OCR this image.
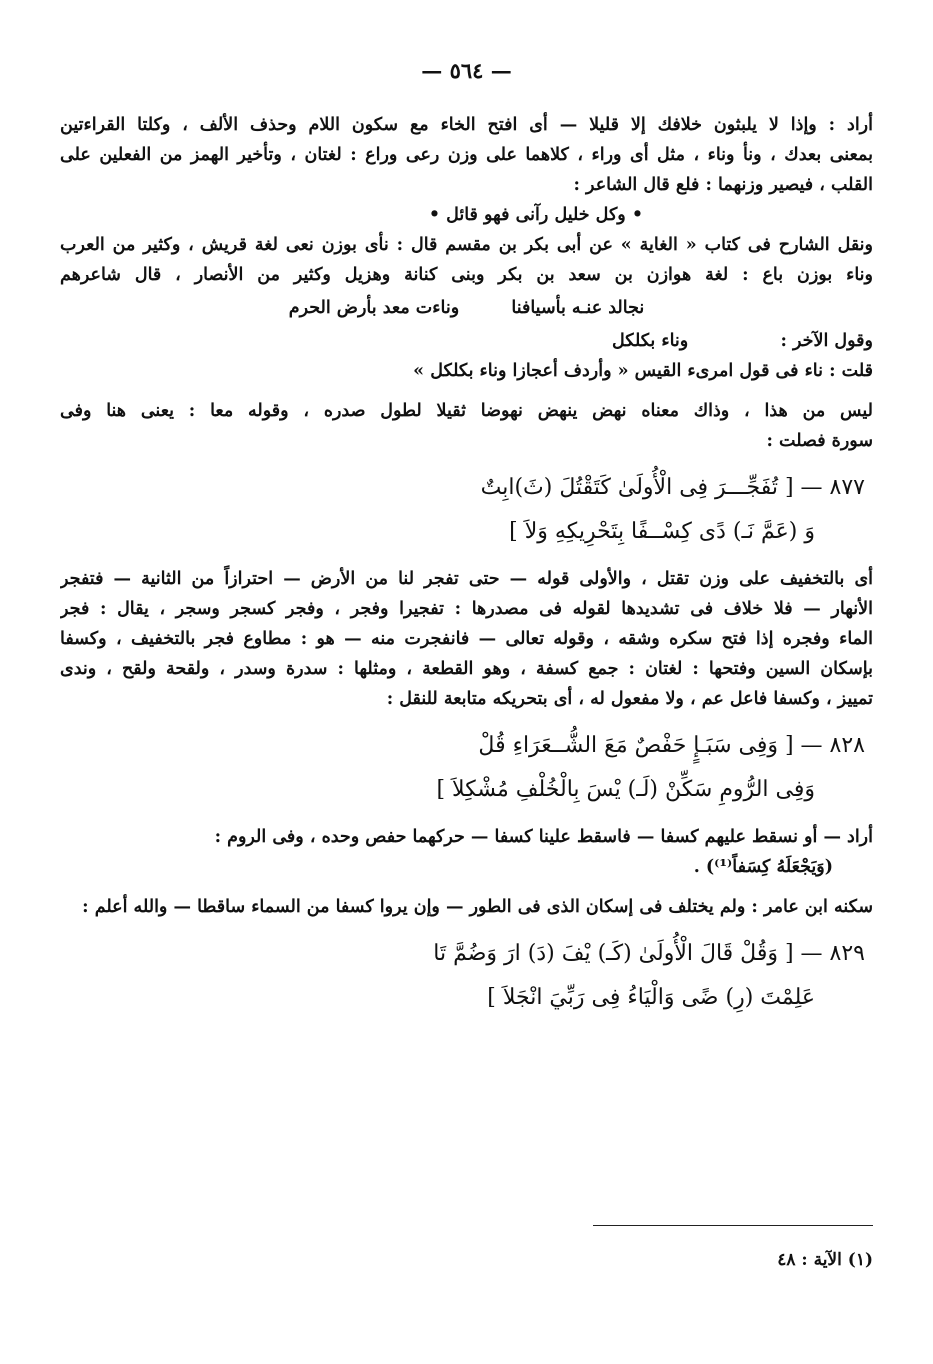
— ٥٦٤ —
أراد : وإذا لا يلبثون خلافك إلا قليلا — أى افتح الخاء مع سكون اللام وحذف الألف ، وكلتا القراءتين
بمعنى بعدك ، ونأ وناء ، مثل أى وراء ، كلاهما على وزن رعى وراع : لغتان ، وتأخير الهمز من الفعلين على
القلب ، فيصير وزنهما : فلع قال الشاعر :
• وكل خليل رآنى فهو قائل •
ونقل الشارح فى كتاب « الغاية » عن أبى بكر بن مقسم قال : نأى بوزن نعى لغة قريش ، وكثير من العرب
وناء بوزن باع : لغة هوازن بن سعد بن بكر وبنى كنانة وهزيل وكثير من الأنصار ، قال شاعرهم
نجالد عنـه بأسيافنا  وناءت معد بأرض الحرم
وقول الآخر :  وناء بكلكل
قلت : ناء فى قول امرىء القيس « وأردف أعجازا وناء بكلكل »
ليس من هذا ، وذاك معناه نهض ينهض نهوضا ثقيلا لطول صدره ، وقوله معا : يعنى هنا وفى
سورة فصلت :
٨٧٧ — [ تُفَجِّـــرَ فِى الْأُولَىٰ كَتَقْتُلَ (ثَ)ابِتٌ
وَ (عَمَّ نَـ) دًى كِسْــفًا بِتَحْرِيكِهِ وَلاَ ]
أى بالتخفيف على وزن تقتل ، والأولى قوله — حتى تفجر لنا من الأرض — احترازاً من الثانية — فتفجر
الأنهار — فلا خلاف فى تشديدها لقوله فى مصدرها : تفجيرا وفجر ، وفجر كسجر وسجر ، يقال : فجر
الماء وفجره إذا فتح سكره وشقه ، وقوله تعالى — فانفجرت منه — هو : مطاوع فجر بالتخفيف ، وكسفا
بإسكان السين وفتحها : لغتان : جمع كسفة ، وهو القطعة ، ومثلها : سدرة وسدر ، ولقحة ولقح ، وندى
تمييز ، وكسفا فاعل عم ، ولا مفعول له ، أى بتحريكه متابعة للنقل :
٨٢٨ — [ وَفِى سَبَـإٍ حَفْصٌ مَعَ الشُّــعَرَاءِ قُلْ
وَفِى الرُّومِ سَكِّنْ (لَـ) يْسَ بِالْخُلْفِ مُشْكِلاَ ]
أراد — أو نسقط عليهم كسفا — فاسقط علينا كسفا — حركهما حفص وحده ، وفى الروم :
(وَيَجْعَلَهُ كِسَفاً⁽¹⁾) .
سكنه ابن عامر : ولم يختلف فى إسكان الذى فى الطور — وإن يروا كسفا من السماء ساقطا — والله أعلم :
٨٢٩ — [ وَقُلْ قَالَ الْأُولَىٰ (كَـ) يْفَ (دَ) ارَ وَضُمَّ تَا
عَلِمْتَ (رِ) ضًى وَالْيَاءُ فِى رَبِّيَ انْجَلاَ ]
(١) الآية : ٤٨
